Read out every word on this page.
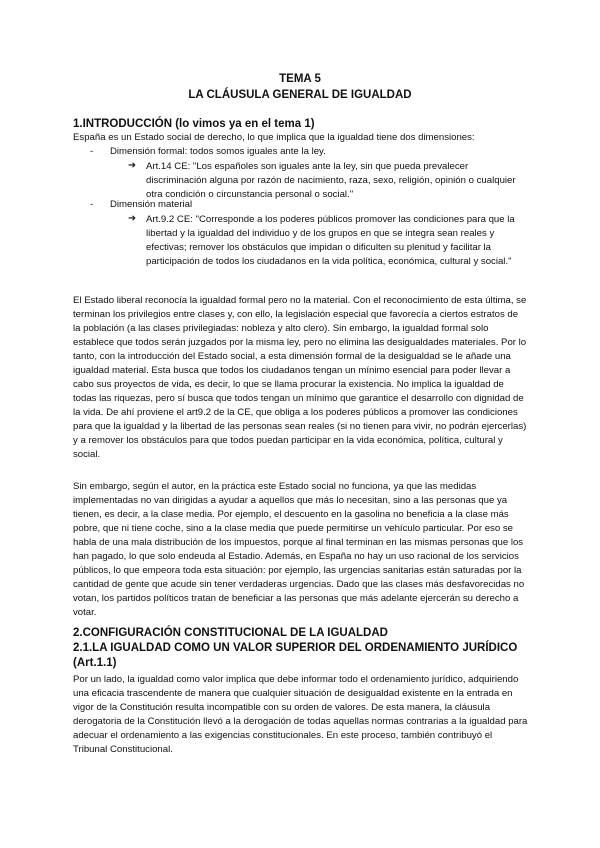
TEMA 5
LA CLÁUSULA GENERAL DE IGUALDAD
1.INTRODUCCIÓN (lo vimos ya en el tema 1)

España es un Estado social de derecho, lo que implica que la igualdad tiene dos dimensiones:

- Dimensión formal: todos somos iguales ante la ley.
➔ Art.14 CE: "Los españoles son iguales ante la ley, sin que pueda prevalecer discriminación alguna por razón de nacimiento, raza, sexo, religión, opinión o cualquier otra condición o circunstancia personal o social."

- Dimensión material
➔ Art.9.2 CE: "Corresponde a los poderes públicos promover las condiciones para que la libertad y la igualdad del individuo y de los grupos en que se integra sean reales y efectivas; remover los obstáculos que impidan o dificulten su plenitud y facilitar la participación de todos los ciudadanos en la vida política, económica, cultural y social."

El Estado liberal reconocía la igualdad formal pero no la material. Con el reconocimiento de esta última, se terminan los privilegios entre clases y, con ello, la legislación especial que favorecía a ciertos estratos de la población (a las clases privilegiadas: nobleza y alto clero). Sin embargo, la igualdad formal solo establece que todos serán juzgados por la misma ley, pero no elimina las desigualdades materiales. Por lo tanto, con la introducción del Estado social, a esta dimensión formal de la desigualdad se le añade una igualdad material. Esta busca que todos los ciudadanos tengan un mínimo esencial para poder llevar a cabo sus proyectos de vida, es decir, lo que se llama procurar la existencia. No implica la igualdad de todas las riquezas, pero sí busca que todos tengan un mínimo que garantice el desarrollo con dignidad de la vida. De ahí proviene el art9.2 de la CE, que obliga a los poderes públicos a promover las condiciones para que la igualdad y la libertad de las personas sean reales (si no tienen para vivir, no podrán ejercerlas) y a remover los obstáculos para que todos puedan participar en la vida económica, política, cultural y social.

Sin embargo, según el autor, en la práctica este Estado social no funciona, ya que las medidas implementadas no van dirigidas a ayudar a aquellos que más lo necesitan, sino a las personas que ya tienen, es decir, a la clase media. Por ejemplo, el descuento en la gasolina no beneficia a la clase más pobre, que ni tiene coche, sino a la clase media que puede permitirse un vehículo particular. Por eso se habla de una mala distribución de los impuestos, porque al final terminan en las mismas personas que los han pagado, lo que solo endeuda al Estadio. Además, en España no hay un uso racional de los servicios públicos, lo que empeora toda esta situación: por ejemplo, las urgencias sanitarias están saturadas por la cantidad de gente que acude sin tener verdaderas urgencias. Dado que las clases más desfavorecidas no votan, los partidos políticos tratan de beneficiar a las personas que más adelante ejercerán su derecho a votar.

2.CONFIGURACIÓN CONSTITUCIONAL DE LA IGUALDAD
2.1.LA IGUALDAD COMO UN VALOR SUPERIOR DEL ORDENAMIENTO JURÍDICO (Art.1.1)

Por un lado, la igualdad como valor implica que debe informar todo el ordenamiento jurídico, adquiriendo una eficacia trascendente de manera que cualquier situación de desigualdad existente en la entrada en vigor de la Constitución resulta incompatible con su orden de valores. De esta manera, la cláusula derogatoria de la Constitución llevó a la derogación de todas aquellas normas contrarias a la igualdad para adecuar el ordenamiento a las exigencias constitucionales. En este proceso, también contribuyó el Tribunal Constitucional.
